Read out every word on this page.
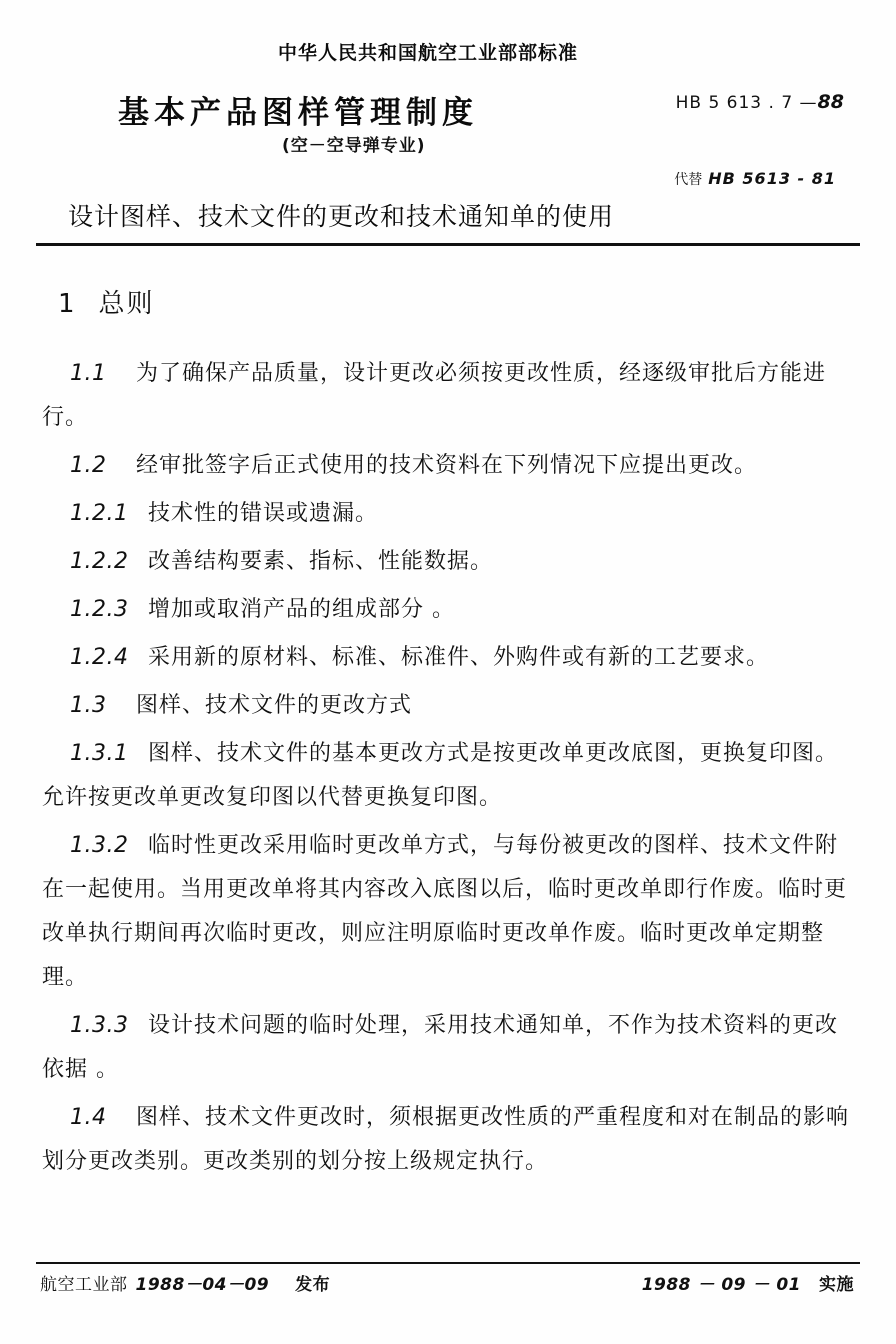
中华人民共和国航空工业部部标准
基本产品图样管理制度	HB 5 613 . 7 —88
(空－空导弹专业)
代替 HB 5613 - 81
设计图样、技术文件的更改和技术通知单的使用
1 总则

1.1 为了确保产品质量，设计更改必须按更改性质，经逐级审批后方能进行。

1.2 经审批签字后正式使用的技术资料在下列情况下应提出更改。

1.2.1 技术性的错误或遗漏。

1.2.2 改善结构要素、指标、性能数据。

1.2.3 增加或取消产品的组成部分 。

1.2.4 采用新的原材料、标准、标准件、外购件或有新的工艺要求。

1.3 图样、技术文件的更改方式

1.3.1 图样、技术文件的基本更改方式是按更改单更改底图，更换复印图。允许按更改单更改复印图以代替更换复印图。

1.3.2 临时性更改采用临时更改单方式，与每份被更改的图样、技术文件附在一起使用。当用更改单将其内容改入底图以后，临时更改单即行作废。临时更改单执行期间再次临时更改，则应注明原临时更改单作废。临时更改单定期整理。

1.3.3 设计技术问题的临时处理，采用技术通知单，不作为技术资料的更改依据 。

1.4 图样、技术文件更改时，须根据更改性质的严重程度和对在制品的影响划分更改类别。更改类别的划分按上级规定执行。

航空工业部 1988－04－09 发布	1988 － 09 － 01 实施
